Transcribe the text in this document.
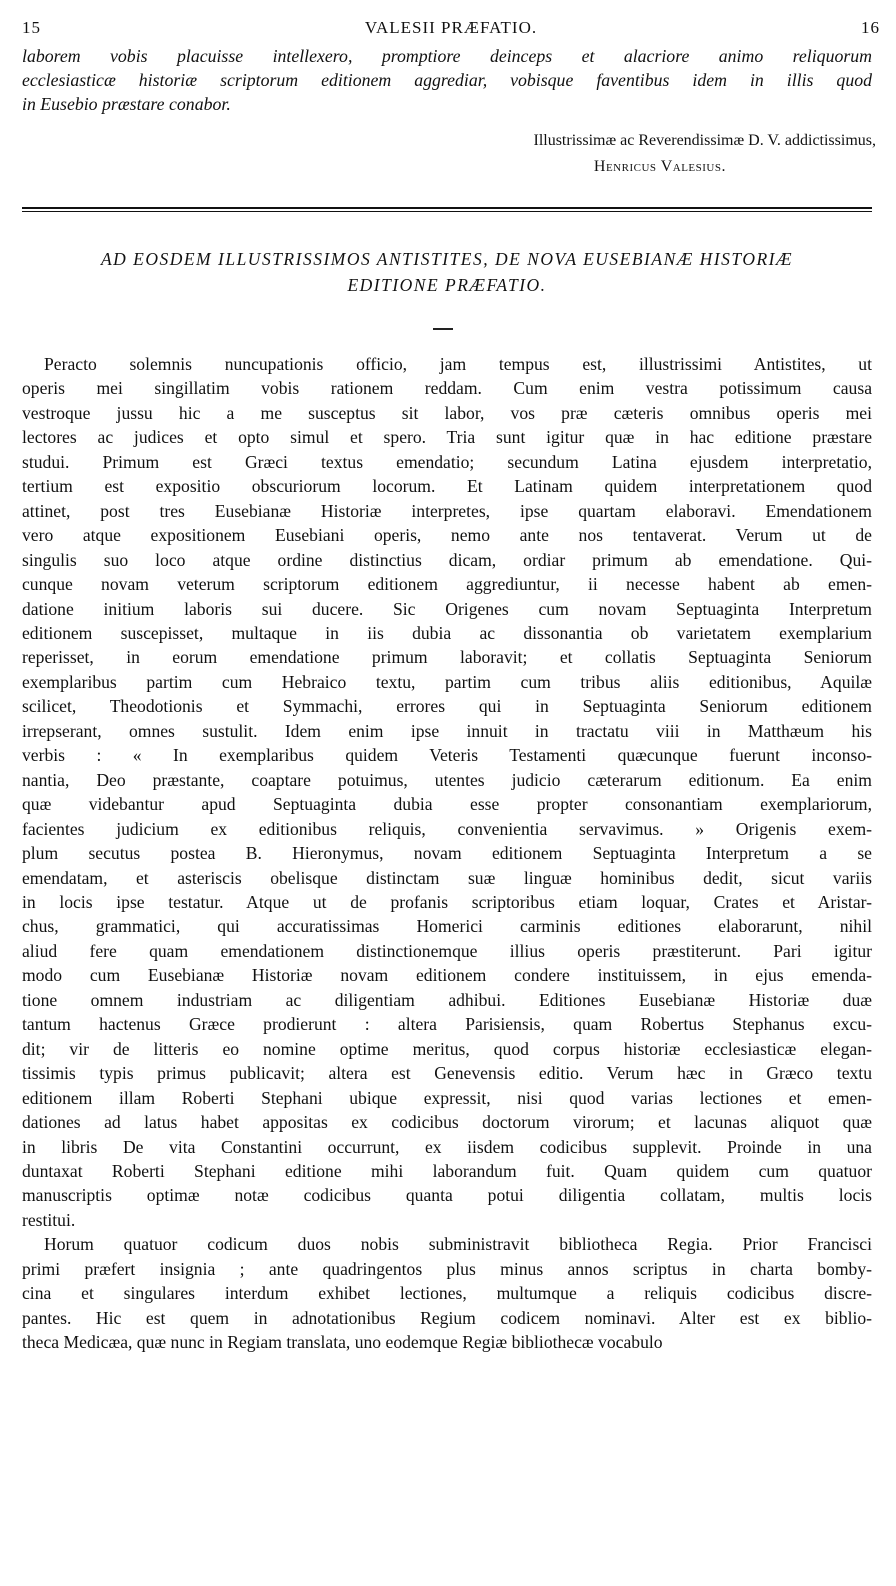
15	VALESII PRÆFATIO.	16
laborem vobis placuisse intellexero, promptiore deinceps et alacriore animo reliquorum
ecclesiasticæ historiæ scriptorum editionem aggrediar, vobisque faventibus idem in illis quod
in Eusebio præstare conabor.
Illustrissimæ ac Reverendissimæ D. V. addictissimus,
Henricus Valesius.
AD EOSDEM ILLUSTRISSIMOS ANTISTITES, DE NOVA EUSEBIANÆ HISTORIÆ
EDITIONE PRÆFATIO.
Peracto solemnis nuncupationis officio, jam tempus est, illustrissimi Antistites, ut
operis mei singillatim vobis rationem reddam. Cum enim vestra potissimum causa
vestroque jussu hic a me susceptus sit labor, vos præ cæteris omnibus operis mei
lectores ac judices et opto simul et spero. Tria sunt igitur quæ in hac editione præstare
studui. Primum est Græci textus emendatio; secundum Latina ejusdem interpretatio,
tertium est expositio obscuriorum locorum. Et Latinam quidem interpretationem quod
attinet, post tres Eusebianæ Historiæ interpretes, ipse quartam elaboravi. Emendationem
vero atque expositionem Eusebiani operis, nemo ante nos tentaverat. Verum ut de
singulis suo loco atque ordine distinctius dicam, ordiar primum ab emendatione. Qui-
cunque novam veterum scriptorum editionem aggrediuntur, ii necesse habent ab emen-
datione initium laboris sui ducere. Sic Origenes cum novam Septuaginta Interpretum
editionem suscepisset, multaque in iis dubia ac dissonantia ob varietatem exemplarium
reperisset, in eorum emendatione primum laboravit; et collatis Septuaginta Seniorum
exemplaribus partim cum Hebraico textu, partim cum tribus aliis editionibus, Aquilæ
scilicet, Theodotionis et Symmachi, errores qui in Septuaginta Seniorum editionem
irrepserant, omnes sustulit. Idem enim ipse innuit in tractatu viii in Matthæum his
verbis : « In exemplaribus quidem Veteris Testamenti quæcunque fuerunt inconso-
nantia, Deo præstante, coaptare potuimus, utentes judicio cæterarum editionum. Ea enim
quæ videbantur apud Septuaginta dubia esse propter consonantiam exemplariorum,
facientes judicium ex editionibus reliquis, convenientia servavimus. » Origenis exem-
plum secutus postea B. Hieronymus, novam editionem Septuaginta Interpretum a se
emendatam, et asteriscis obelisque distinctam suæ linguæ hominibus dedit, sicut variis
in locis ipse testatur. Atque ut de profanis scriptoribus etiam loquar, Crates et Aristar-
chus, grammatici, qui accuratissimas Homerici carminis editiones elaborarunt, nihil
aliud fere quam emendationem distinctionemque illius operis præstiterunt. Pari igitur
modo cum Eusebianæ Historiæ novam editionem condere instituissem, in ejus emenda-
tione omnem industriam ac diligentiam adhibui. Editiones Eusebianæ Historiæ duæ
tantum hactenus Græce prodierunt : altera Parisiensis, quam Robertus Stephanus excu-
dit; vir de litteris eo nomine optime meritus, quod corpus historiæ ecclesiasticæ elegan-
tissimis typis primus publicavit; altera est Genevensis editio. Verum hæc in Græco textu
editionem illam Roberti Stephani ubique expressit, nisi quod varias lectiones et emen-
dationes ad latus habet appositas ex codicibus doctorum virorum; et lacunas aliquot quæ
in libris De vita Constantini occurrunt, ex iisdem codicibus supplevit. Proinde in una
duntaxat Roberti Stephani editione mihi laborandum fuit. Quam quidem cum quatuor
manuscriptis optimæ notæ codicibus quanta potui diligentia collatam, multis locis
restitui.
Horum quatuor codicum duos nobis subministravit bibliotheca Regia. Prior Francisci
primi præfert insignia ; ante quadringentos plus minus annos scriptus in charta bomby-
cina et singulares interdum exhibet lectiones, multumque a reliquis codicibus discre-
pantes. Hic est quem in adnotationibus Regium codicem nominavi. Alter est ex biblio-
theca Medicæa, quæ nunc in Regiam translata, uno eodemque Regiæ bibliothecæ vocabulo
